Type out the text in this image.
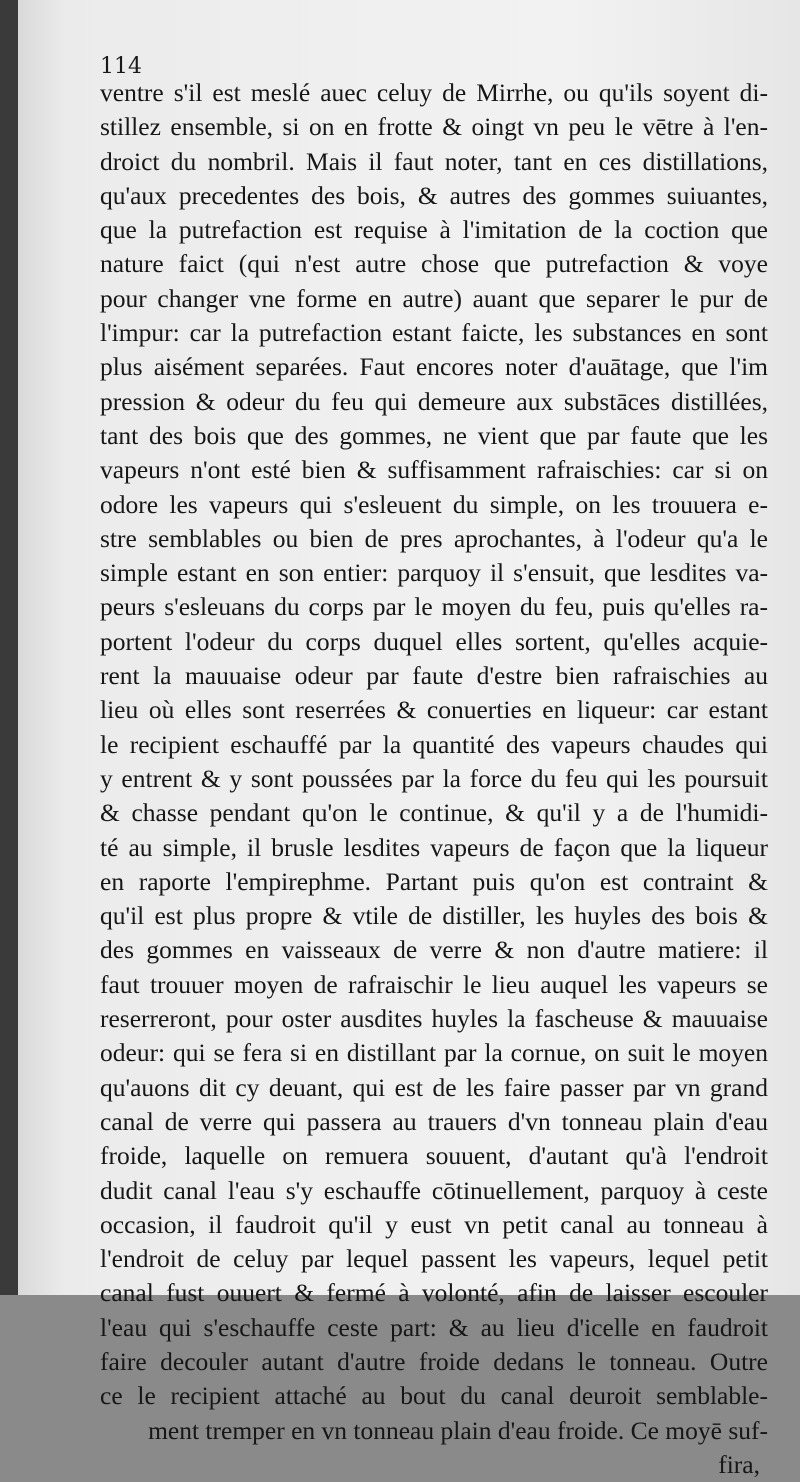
114
ventre s'il est meslé auec celuy de Mirrhe, ou qu'ils soyent di-
stillez ensemble, si on en frotte & oingt vn peu le vētre à l'en-
droict du nombril. Mais il faut noter, tant en ces distillations,
qu'aux precedentes des bois, & autres des gommes suiuantes,
que la putrefaction est requise à l'imitation de la coction que
nature faict (qui n'est autre chose que putrefaction & voye
pour changer vne forme en autre) auant que separer le pur de
l'impur: car la putrefaction estant faicte, les substances en sont
plus aisément separées. Faut encores noter d'auātage, que l'im
pression & odeur du feu qui demeure aux substāces distillées,
tant des bois que des gommes, ne vient que par faute que les
vapeurs n'ont esté bien & suffisamment rafraischies: car si on
odore les vapeurs qui s'esleuent du simple, on les trouuera e-
stre semblables ou bien de pres aprochantes, à l'odeur qu'a le
simple estant en son entier: parquoy il s'ensuit, que lesdites va-
peurs s'esleuans du corps par le moyen du feu, puis qu'elles ra-
portent l'odeur du corps duquel elles sortent, qu'elles acquie-
rent la mauuaise odeur par faute d'estre bien rafraischies au
lieu où elles sont reserrées & conuerties en liqueur: car estant
le recipient eschauffé par la quantité des vapeurs chaudes qui
y entrent & y sont poussées par la force du feu qui les poursuit
& chasse pendant qu'on le continue, & qu'il y a de l'humidi-
té au simple, il brusle lesdites vapeurs de façon que la liqueur
en raporte l'empirephme. Partant puis qu'on est contraint &
qu'il est plus propre & vtile de distiller, les huyles des bois &
des gommes en vaisseaux de verre & non d'autre matiere: il
faut trouuer moyen de rafraischir le lieu auquel les vapeurs se
reserreront, pour oster ausdites huyles la fascheuse & mauuaise
odeur: qui se fera si en distillant par la cornue, on suit le moyen
qu'auons dit cy deuant, qui est de les faire passer par vn grand
canal de verre qui passera au trauers d'vn tonneau plain d'eau
froide, laquelle on remuera souuent, d'autant qu'à l'endroit
dudit canal l'eau s'y eschauffe cōtinuellement, parquoy à ceste
occasion, il faudroit qu'il y eust vn petit canal au tonneau à
l'endroit de celuy par lequel passent les vapeurs, lequel petit
canal fust ouuert & fermé à volonté, afin de laisser escouler
l'eau qui s'eschauffe ceste part: & au lieu d'icelle en faudroit
faire decouler autant d'autre froide dedans le tonneau. Outre
ce le recipient attaché au bout du canal deuroit semblable-
ment tremper en vn tonneau plain d'eau froide. Ce moyē suf-
fira,
